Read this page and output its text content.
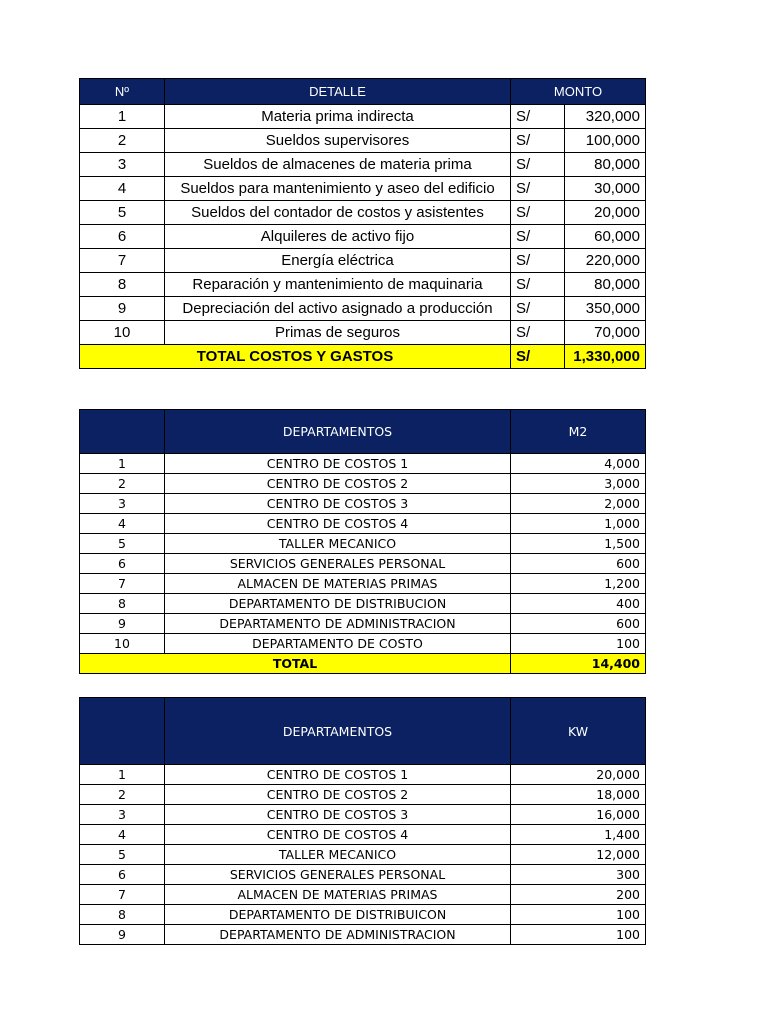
Nº	DETALLE	MONTO	
1	Materia prima indirecta	S/	320,000
2	Sueldos supervisores	S/	100,000
3	Sueldos de almacenes de materia prima	S/	80,000
4	Sueldos para mantenimiento y aseo del edificio	S/	30,000
5	Sueldos del contador de costos y asistentes	S/	20,000
6	Alquileres de activo fijo	S/	60,000
7	Energía eléctrica	S/	220,000
8	Reparación y mantenimiento de maquinaria	S/	80,000
9	Depreciación del activo asignado a producción	S/	350,000
10	Primas de seguros	S/	70,000
TOTAL COSTOS Y GASTOS		S/	1,330,000
	DEPARTAMENTOS	M2
1	CENTRO DE COSTOS 1	4,000
2	CENTRO DE COSTOS 2	3,000
3	CENTRO DE COSTOS 3	2,000
4	CENTRO DE COSTOS 4	1,000
5	TALLER MECANICO	1,500
6	SERVICIOS GENERALES PERSONAL	600
7	ALMACEN DE MATERIAS PRIMAS	1,200
8	DEPARTAMENTO DE DISTRIBUCION	400
9	DEPARTAMENTO DE ADMINISTRACION	600
10	DEPARTAMENTO DE COSTO	100
TOTAL		14,400
	DEPARTAMENTOS	KW
1	CENTRO DE COSTOS 1	20,000
2	CENTRO DE COSTOS 2	18,000
3	CENTRO DE COSTOS 3	16,000
4	CENTRO DE COSTOS 4	1,400
5	TALLER MECANICO	12,000
6	SERVICIOS GENERALES PERSONAL	300
7	ALMACEN DE MATERIAS PRIMAS	200
8	DEPARTAMENTO DE DISTRIBUICON	100
9	DEPARTAMENTO DE ADMINISTRACION	100
